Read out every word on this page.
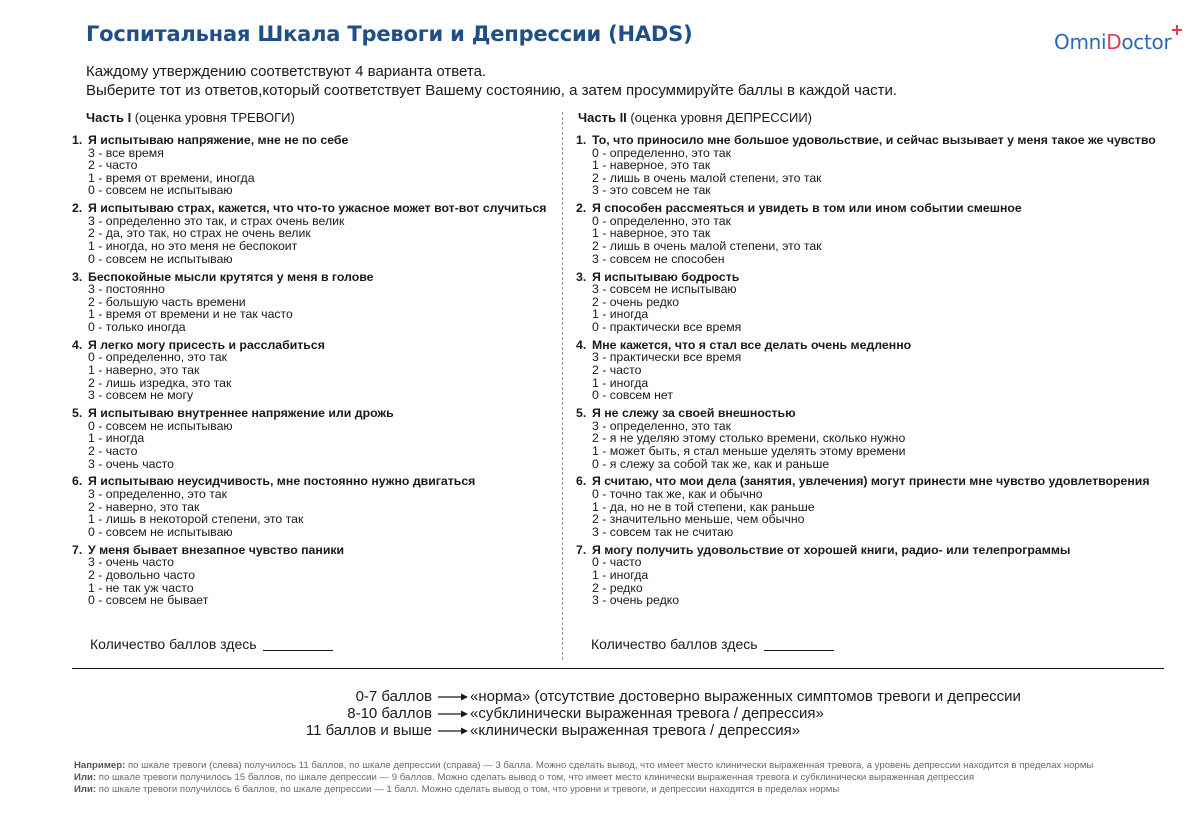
Госпитальная Шкала Тревоги и Депрессии (HADS)	OmniDoctor
Каждому утверждению соответствуют 4 варианта ответа.
Выберите тот из ответов,который соответствует Вашему состоянию, а затем просуммируйте баллы в каждой части.
Часть I (оценка уровня ТРЕВОГИ)	Часть II (оценка уровня ДЕПРЕССИИ)
1. Я испытываю напряжение, мне не по себе
3 - все время
2 - часто
1 - время от времени, иногда
0 - совсем не испытываю
2. Я испытываю страх, кажется, что что-то ужасное может вот-вот случиться
3 - определенно это так, и страх очень велик
2 - да, это так, но страх не очень велик
1 - иногда, но это меня не беспокоит
0 - совсем не испытываю
3. Беспокойные мысли крутятся у меня в голове
3 - постоянно
2 - большую часть времени
1 - время от времени и не так часто
0 - только иногда
4. Я легко могу присесть и расслабиться
0 - определенно, это так
1 - наверно, это так
2 - лишь изредка, это так
3 - совсем не могу
5. Я испытываю внутреннее напряжение или дрожь
0 - совсем не испытываю
1 - иногда
2 - часто
3 - очень часто
6. Я испытываю неусидчивость, мне постоянно нужно двигаться
3 - определенно, это так
2 - наверно, это так
1 - лишь в некоторой степени, это так
0 - совсем не испытываю
7. У меня бывает внезапное чувство паники
3 - очень часто
2 - довольно часто
1 - не так уж часто
0 - совсем не бывает
1. То, что приносило мне большое удовольствие, и сейчас вызывает у меня такое же чувство
0 - определенно, это так
1 - наверное, это так
2 - лишь в очень малой степени, это так
3 - это совсем не так
2. Я способен рассмеяться и увидеть в том или ином событии смешное
0 - определенно, это так
1 - наверное, это так
2 - лишь в очень малой степени, это так
3 - совсем не способен
3. Я испытываю бодрость
3 - совсем не испытываю
2 - очень редко
1 - иногда
0 - практически все время
4. Мне кажется, что я стал все делать очень медленно
3 - практически все время
2 - часто
1 - иногда
0 - совсем нет
5. Я не слежу за своей внешностью
3 - определенно, это так
2 - я не уделяю этому столько времени, сколько нужно
1 - может быть, я стал меньше уделять этому времени
0 - я слежу за собой так же, как и раньше
6. Я считаю, что мои дела (занятия, увлечения) могут принести мне чувство удовлетворения
0 - точно так же, как и обычно
1 - да, но не в той степени, как раньше
2 - значительно меньше, чем обычно
3 - совсем так не считаю
7. Я могу получить удовольствие от хорошей книги, радио- или телепрограммы
0 - часто
1 - иногда
2 - редко
3 - очень редко
Количество баллов здесь	Количество баллов здесь
0-7 баллов	«норма» (отсутствие достоверно выраженных симптомов тревоги и депрессии
8-10 баллов	«субклинически выраженная тревога / депрессия»
11 баллов и выше	«клинически выраженная тревога / депрессия»
Например: по шкале тревоги (слева) получилось 11 баллов, по шкале депрессии (справа) — 3 балла. Можно сделать вывод, что имеет место клинически выраженная тревога, а уровень депрессии находится в пределах нормы
Или: по шкале тревоги получилось 15 баллов, по шкале депрессии — 9 баллов. Можно сделать вывод о том, что имеет место клинически выраженная тревога и субклинически выраженная депрессия
Или: по шкале тревоги получилось 6 баллов, по шкале депрессии — 1 балл. Можно сделать вывод о том, что уровни и тревоги, и депрессии находятся в пределах нормы
